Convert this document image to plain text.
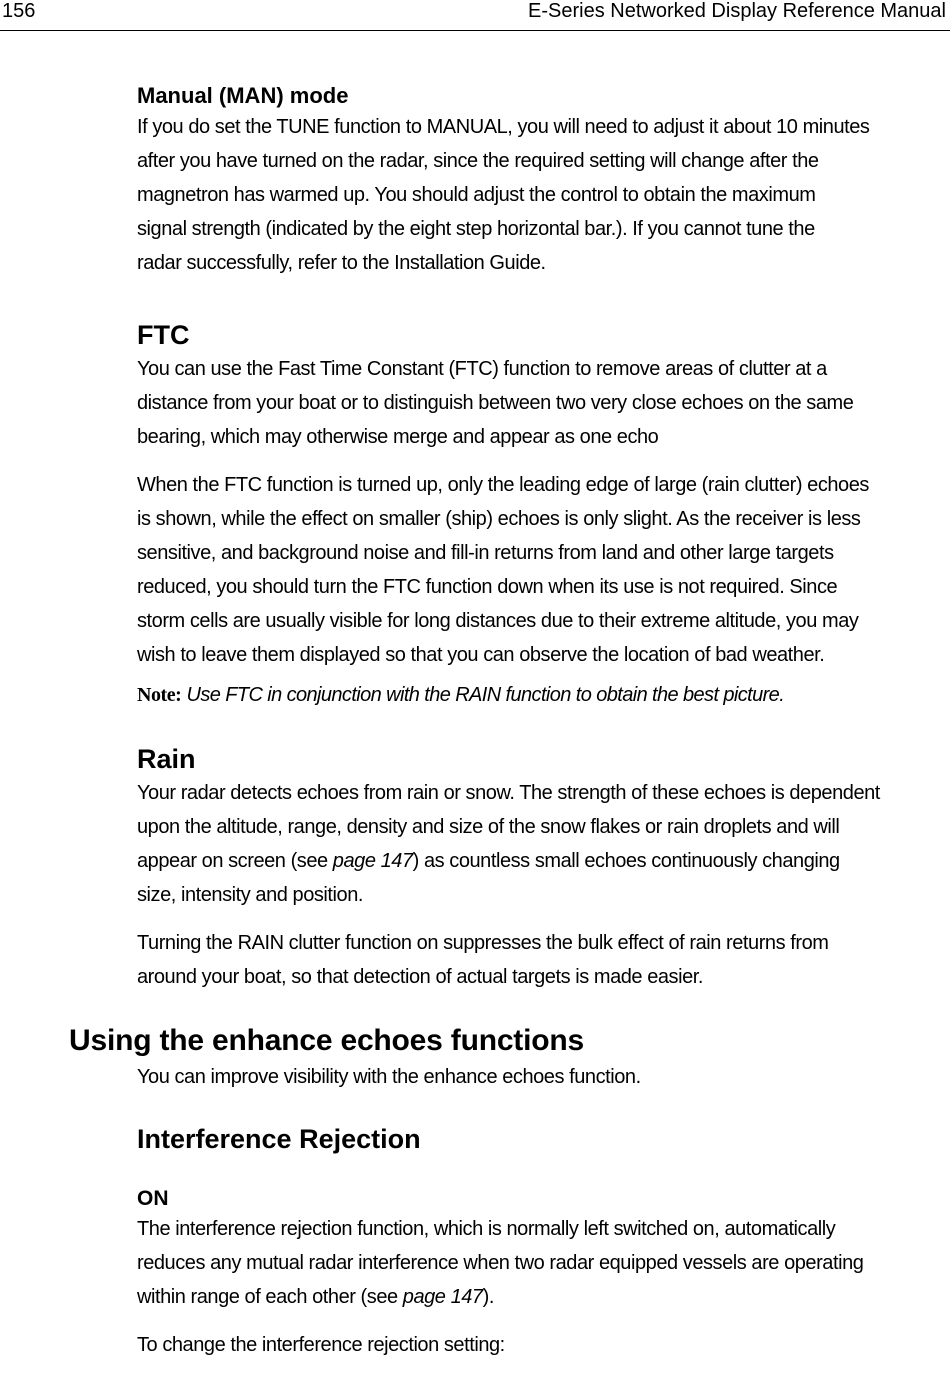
156	E-Series Networked Display Reference Manual
Manual (MAN) mode

If you do set the TUNE function to MANUAL, you will need to adjust it about 10 minutes

after you have turned on the radar, since the required setting will change after the

magnetron has warmed up. You should adjust the control to obtain the maximum

signal strength (indicated by the eight step horizontal bar.). If you cannot tune the

radar successfully, refer to the Installation Guide.

FTC

You can use the Fast Time Constant (FTC) function to remove areas of clutter at a

distance from your boat or to distinguish between two very close echoes on the same

bearing, which may otherwise merge and appear as one echo

When the FTC function is turned up, only the leading edge of large (rain clutter) echoes

is shown, while the effect on smaller (ship) echoes is only slight. As the receiver is less

sensitive, and background noise and fill-in returns from land and other large targets

reduced, you should turn the FTC function down when its use is not required. Since

storm cells are usually visible for long distances due to their extreme altitude, you may

wish to leave them displayed so that you can observe the location of bad weather.

Note: Use FTC in conjunction with the RAIN function to obtain the best picture.

Rain

Your radar detects echoes from rain or snow. The strength of these echoes is dependent

upon the altitude, range, density and size of the snow flakes or rain droplets and will

appear on screen (see page 147) as countless small echoes continuously changing

size, intensity and position.

Turning the RAIN clutter function on suppresses the bulk effect of rain returns from

around your boat, so that detection of actual targets is made easier.

Using the enhance echoes functions

You can improve visibility with the enhance echoes function.

Interference Rejection
ON

The interference rejection function, which is normally left switched on, automatically

reduces any mutual radar interference when two radar equipped vessels are operating

within range of each other (see page 147).

To change the interference rejection setting:
